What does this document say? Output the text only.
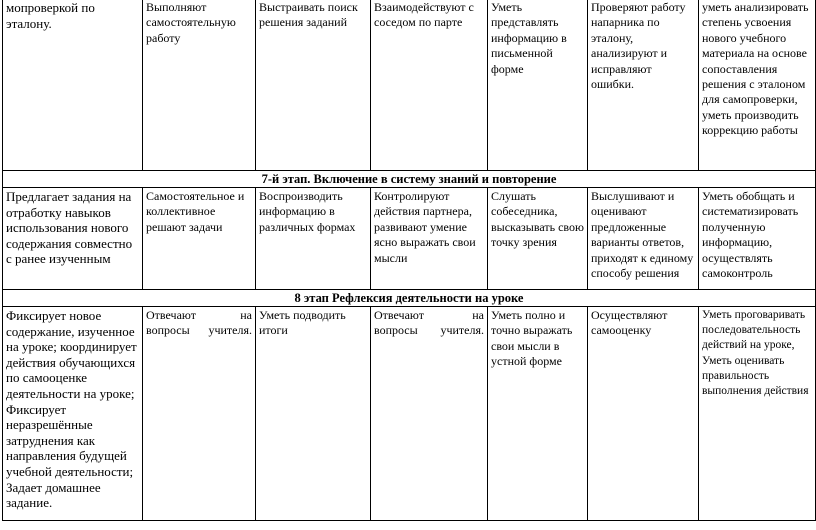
мопроверкой по эталону.	Выполняют самостоятельную работу	Выстраивать поиск решения заданий	Взаимодействуют с соседом по парте	Уметь представлять информацию в письменной форме	Проверяют работу напарника по эталону, анализируют и исправляют ошибки.	уметь анализировать степень усвоения нового учебного материала на основе сопоставления решения с эталоном для самопроверки, уметь производить коррекцию работы
7-й этап. Включение в систему знаний и повторение						
Предлагает задания на отработку навыков использования нового содержания совместно с ранее изученным	Самостоятельное и коллективное решают задачи	Воспроизводить информацию в различных формах	Контролируют действия партнера, развивают умение ясно выражать свои мысли	Слушать собеседника, высказывать свою точку зрения	Выслушивают и оценивают предложенные варианты ответов, приходят к единому способу решения	Уметь обобщать и систематизировать полученную информацию, осуществлять самоконтроль
8 этап Рефлексия деятельности на уроке						
Фиксирует новое содержание, изученное на уроке; координирует действия обучающихся по самооценке деятельности на уроке; Фиксирует неразрешённые затруднения как направления будущей учебной деятельности; Задает домашнее задание.	Отвечают на вопросы учителя.	Уметь подводить итоги	Отвечают на вопросы учителя.	Уметь полно и точно выражать свои мысли в устной форме	Осуществляют самооценку	Уметь проговаривать последовательность действий на уроке, Уметь оценивать правильность выполнения действия
